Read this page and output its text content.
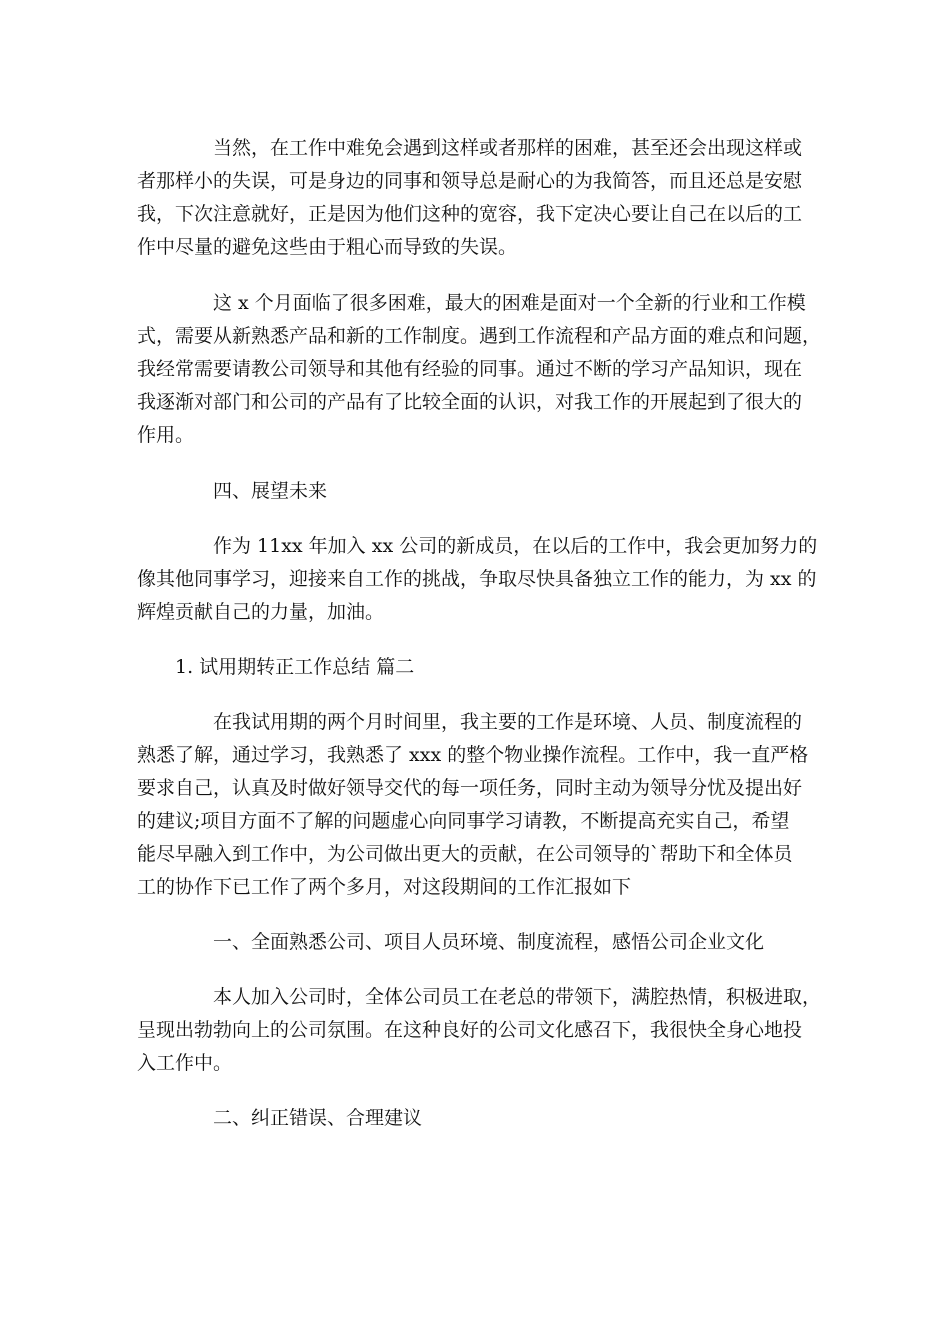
当然，在工作中难免会遇到这样或者那样的困难，甚至还会出现这样或

者那样小的失误，可是身边的同事和领导总是耐心的为我简答，而且还总是安慰

我，下次注意就好，正是因为他们这种的宽容，我下定决心要让自己在以后的工

作中尽量的避免这些由于粗心而导致的失误。

这 x 个月面临了很多困难，最大的困难是面对一个全新的行业和工作模

式，需要从新熟悉产品和新的工作制度。遇到工作流程和产品方面的难点和问题，

我经常需要请教公司领导和其他有经验的同事。通过不断的学习产品知识，现在

我逐渐对部门和公司的产品有了比较全面的认识，对我工作的开展起到了很大的

作用。

四、展望未来

作为 11xx 年加入 xx 公司的新成员，在以后的工作中，我会更加努力的

像其他同事学习，迎接来自工作的挑战，争取尽快具备独立工作的能力，为 xx 的

辉煌贡献自己的力量，加油。

1. 试用期转正工作总结 篇二

在我试用期的两个月时间里，我主要的工作是环境、人员、制度流程的

熟悉了解，通过学习，我熟悉了 xxx 的整个物业操作流程。工作中，我一直严格

要求自己，认真及时做好领导交代的每一项任务，同时主动为领导分忧及提出好

的建议;项目方面不了解的问题虚心向同事学习请教，不断提高充实自己，希望

能尽早融入到工作中，为公司做出更大的贡献，在公司领导的`帮助下和全体员

工的协作下已工作了两个多月，对这段期间的工作汇报如下

一、全面熟悉公司、项目人员环境、制度流程，感悟公司企业文化

本人加入公司时，全体公司员工在老总的带领下，满腔热情，积极进取，

呈现出勃勃向上的公司氛围。在这种良好的公司文化感召下，我很快全身心地投

入工作中。

二、纠正错误、合理建议
